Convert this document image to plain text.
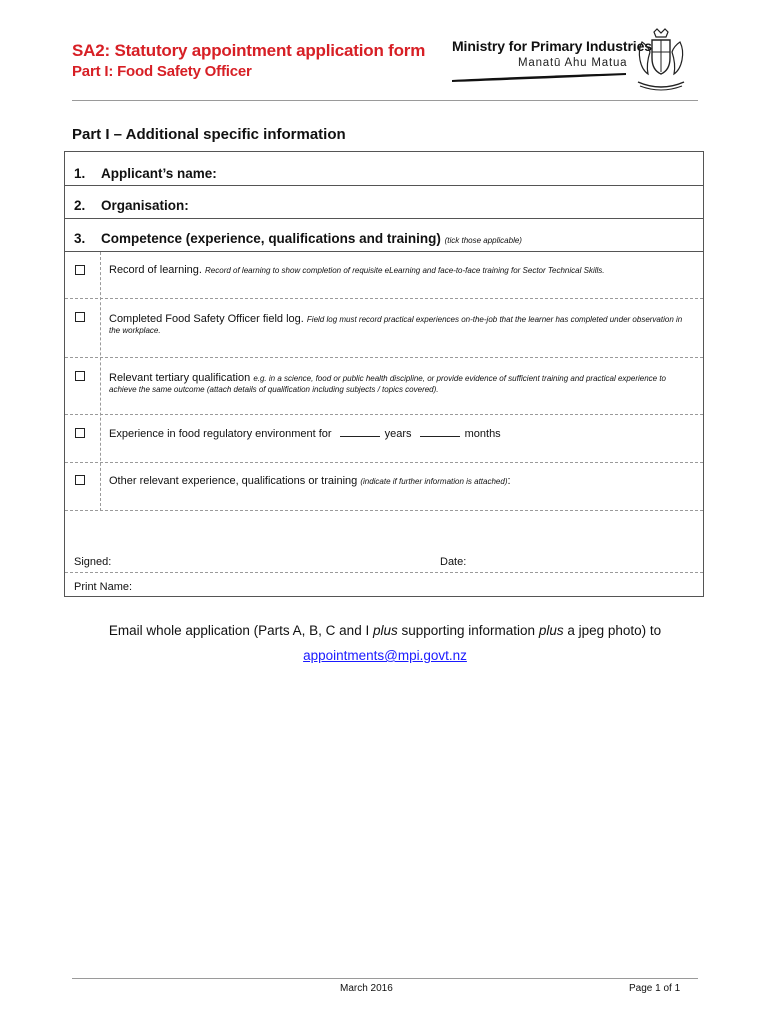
SA2: Statutory appointment application form
Part I: Food Safety Officer
Ministry for Primary Industries
Manatū Ahu Matua
Part I – Additional specific information
1. Applicant’s name:
2. Organisation:
3. Competence (experience, qualifications and training) (tick those applicable)
Record of learning. Record of learning to show completion of requisite eLearning and face-to-face training for Sector Technical Skills.
Completed Food Safety Officer field log. Field log must record practical experiences on-the-job that the learner has completed under observation in the workplace.
Relevant tertiary qualification e.g. in a science, food or public health discipline, or provide evidence of sufficient training and practical experience to achieve the same outcome (attach details of qualification including subjects / topics covered).
Experience in food regulatory environment for	years	months
Other relevant experience, qualifications or training (indicate if further information is attached):
Signed:	Date:
Print Name:
Email whole application (Parts A, B, C and I plus supporting information plus a jpeg photo) to
appointments@mpi.govt.nz
March 2016	Page 1 of 1
